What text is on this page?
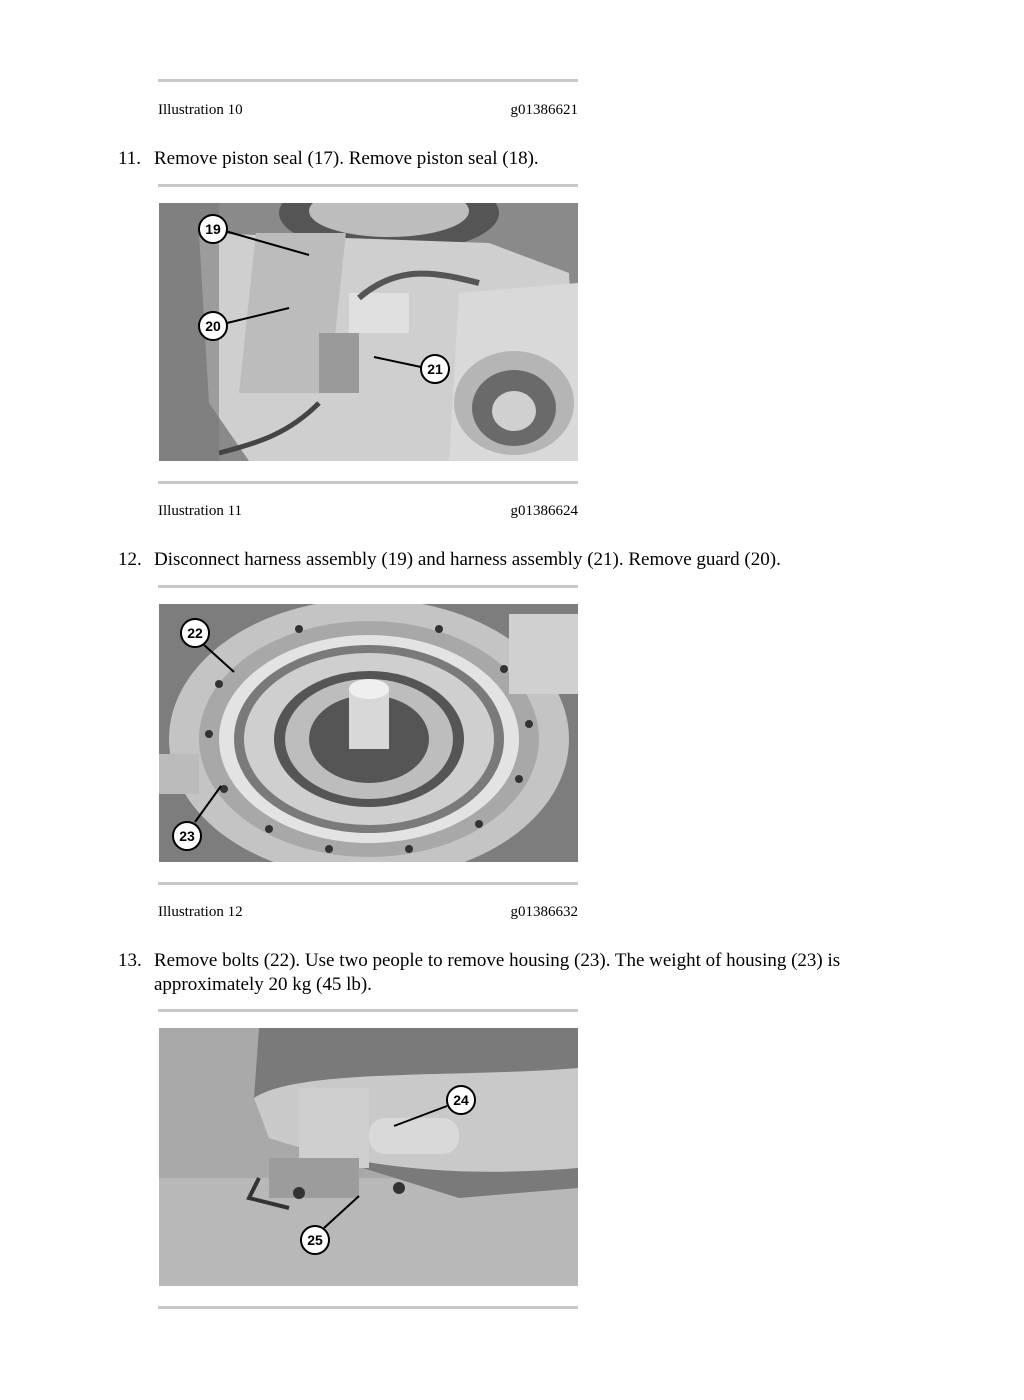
Illustration 10	g01386621
11. Remove piston seal (17). Remove piston seal (18).
19
20
21
Illustration 11	g01386624
12. Disconnect harness assembly (19) and harness assembly (21). Remove guard (20).
22
23
Illustration 12	g01386632
13. Remove bolts (22). Use two people to remove housing (23). The weight of housing (23) is approximately 20 kg (45 lb).
24
25
